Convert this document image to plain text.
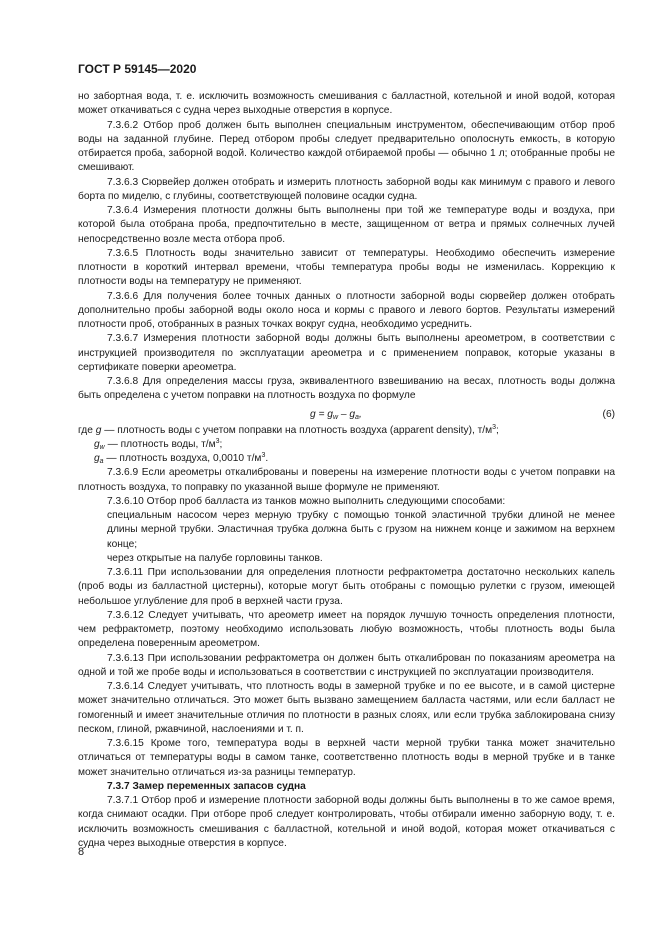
ГОСТ Р 59145—2020

но забортная вода, т. е. исключить возможность смешивания с балластной, котельной и иной водой, которая может откачиваться с судна через выходные отверстия в корпусе.

7.3.6.2 Отбор проб должен быть выполнен специальным инструментом, обеспечивающим отбор проб воды на заданной глубине. Перед отбором пробы следует предварительно ополоснуть емкость, в которую отбирается проба, заборной водой. Количество каждой отбираемой пробы — обычно 1 л; отобранные пробы не смешивают.

7.3.6.3 Сюрвейер должен отобрать и измерить плотность заборной воды как минимум с правого и левого борта по миделю, с глубины, соответствующей половине осадки судна.

7.3.6.4 Измерения плотности должны быть выполнены при той же температуре воды и воздуха, при которой была отобрана проба, предпочтительно в месте, защищенном от ветра и прямых солнечных лучей непосредственно возле места отбора проб.

7.3.6.5 Плотность воды значительно зависит от температуры. Необходимо обеспечить измерение плотности в короткий интервал времени, чтобы температура пробы воды не изменилась. Коррекцию к плотности воды на температуру не применяют.

7.3.6.6 Для получения более точных данных о плотности заборной воды сюрвейер должен отобрать дополнительно пробы заборной воды около носа и кормы с правого и левого бортов. Результаты измерений плотности проб, отобранных в разных точках вокруг судна, необходимо усреднить.

7.3.6.7 Измерения плотности заборной воды должны быть выполнены ареометром, в соответствии с инструкцией производителя по эксплуатации ареометра и с применением поправок, которые указаны в сертификате поверки ареометра.

7.3.6.8 Для определения массы груза, эквивалентного взвешиванию на весах, плотность воды должна быть определена с учетом поправки на плотность воздуха по формуле

$g = g_w - g_a$,	(6)

где g — плотность воды с учетом поправки на плотность воздуха (apparent density), $т/м^3$;

$g_w$ — плотность воды, $т/м^3$;

$g_a$ — плотность воздуха, 0,0010 $т/м^3$.

7.3.6.9 Если ареометры откалиброваны и поверены на измерение плотности воды с учетом поправки на плотность воздуха, то поправку по указанной выше формуле не применяют.

7.3.6.10 Отбор проб балласта из танков можно выполнить следующими способами:

специальным насосом через мерную трубку с помощью тонкой эластичной трубки длиной не менее длины мерной трубки. Эластичная трубка должна быть с грузом на нижнем конце и зажимом на верхнем конце;

через открытые на палубе горловины танков.

7.3.6.11 При использовании для определения плотности рефрактометра достаточно нескольких капель (проб воды из балластной цистерны), которые могут быть отобраны с помощью рулетки с грузом, имеющей небольшое углубление для проб в верхней части груза.

7.3.6.12 Следует учитывать, что ареометр имеет на порядок лучшую точность определения плотности, чем рефрактометр, поэтому необходимо использовать любую возможность, чтобы плотность воды была определена поверенным ареометром.

7.3.6.13 При использовании рефрактометра он должен быть откалиброван по показаниям ареометра на одной и той же пробе воды и использоваться в соответствии с инструкцией по эксплуатации производителя.

7.3.6.14 Следует учитывать, что плотность воды в замерной трубке и по ее высоте, и в самой цистерне может значительно отличаться. Это может быть вызвано замещением балласта частями, или если балласт не гомогенный и имеет значительные отличия по плотности в разных слоях, или если трубка заблокирована снизу песком, глиной, ржавчиной, наслоениями и т. п.

7.3.6.15 Кроме того, температура воды в верхней части мерной трубки танка может значительно отличаться от температуры воды в самом танке, соответственно плотность воды в мерной трубке и в танке может значительно отличаться из-за разницы температур.

7.3.7 Замер переменных запасов судна

7.3.7.1 Отбор проб и измерение плотности заборной воды должны быть выполнены в то же самое время, когда снимают осадки. При отборе проб следует контролировать, чтобы отбирали именно заборную воду, т. е. исключить возможность смешивания с балластной, котельной и иной водой, которая может откачиваться с судна через выходные отверстия в корпусе.

8
